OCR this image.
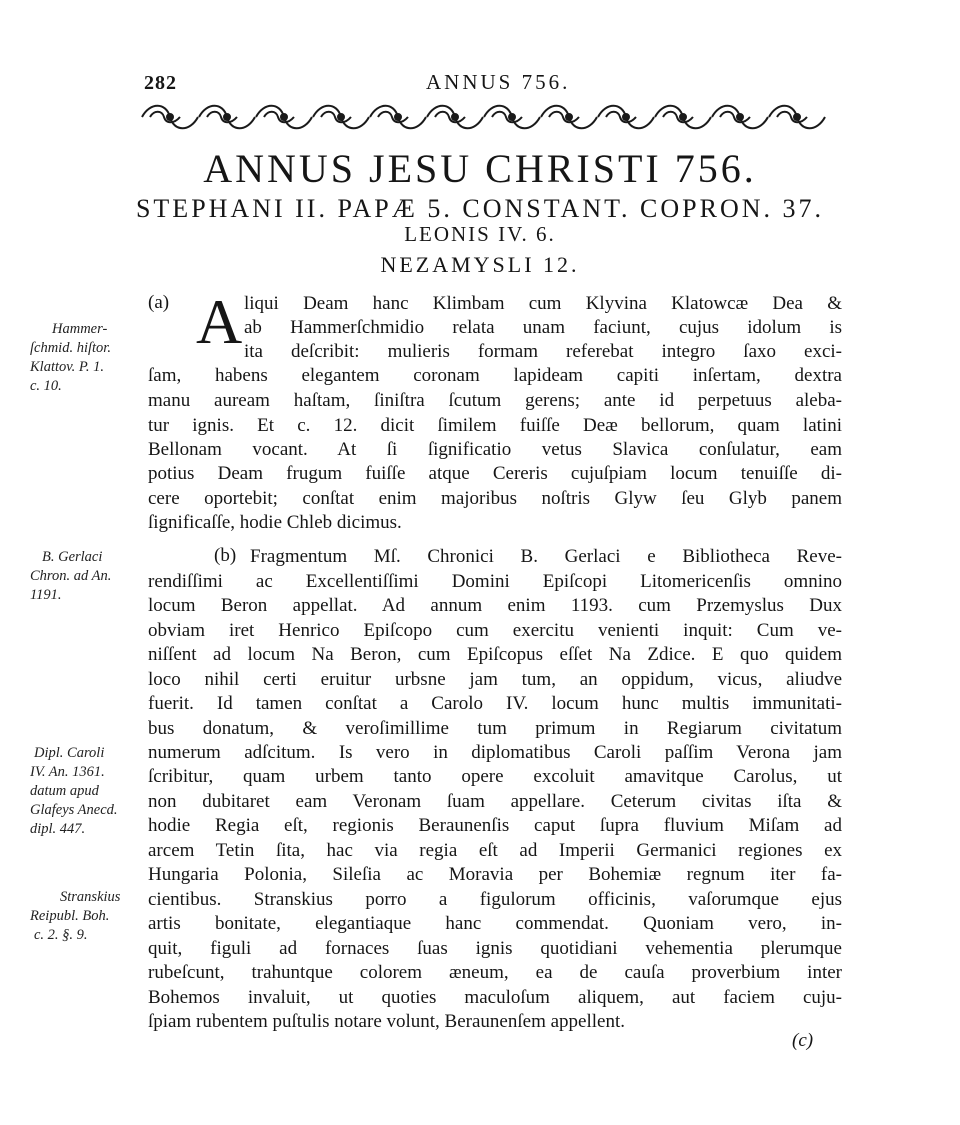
282	ANNUS 756.
ANNUS JESU CHRISTI 756.
STEPHANI II. PAPÆ 5. CONSTANT. COPRON. 37.
LEONIS IV. 6.
NEZAMYSLI 12.
(a) A liqui Deam hanc Klimbam cum Klyvina Klatowcæ Dea &
ab Hammerſchmidio relata unam faciunt, cujus idolum is
ita deſcribit: mulieris formam referebat integro ſaxo exci-
ſam, habens elegantem coronam lapideam capiti inſertam, dextra
manu auream haſtam, ſiniſtra ſcutum gerens; ante id perpetuus aleba-
tur ignis. Et c. 12. dicit ſimilem fuiſſe Deæ bellorum, quam latini
Bellonam vocant. At ſi ſignificatio vetus Slavica conſulatur, eam
potius Deam frugum fuiſſe atque Cereris cujuſpiam locum tenuiſſe di-
cere oportebit; conſtat enim majoribus noſtris Glyw ſeu Glyb panem
ſignificaſſe, hodie Chleb dicimus.
(b) Fragmentum Mſ. Chronici B. Gerlaci e Bibliotheca Reve-
rendiſſimi ac Excellentiſſimi Domini Epiſcopi Litomericenſis omnino
locum Beron appellat. Ad annum enim 1193. cum Przemyslus Dux
obviam iret Henrico Epiſcopo cum exercitu venienti inquit: Cum ve-
niſſent ad locum Na Beron, cum Epiſcopus eſſet Na Zdice. E quo quidem
loco nihil certi eruitur urbsne jam tum, an oppidum, vicus, aliudve
fuerit. Id tamen conſtat a Carolo IV. locum hunc multis immunitati-
bus donatum, & veroſimillime tum primum in Regiarum civitatum
numerum adſcitum. Is vero in diplomatibus Caroli paſſim Verona jam
ſcribitur, quam urbem tanto opere excoluit amavitque Carolus, ut
non dubitaret eam Veronam ſuam appellare. Ceterum civitas iſta &
hodie Regia eſt, regionis Beraunenſis caput ſupra fluvium Miſam ad
arcem Tetin ſita, hac via regia eſt ad Imperii Germanici regiones ex
Hungaria Polonia, Sileſia ac Moravia per Bohemiæ regnum iter fa-
cientibus. Stranskius porro a figulorum officinis, vaſorumque ejus
artis bonitate, elegantiaque hanc commendat. Quoniam vero, in-
quit, figuli ad fornaces ſuas ignis quotidiani vehementia plerumque
rubeſcunt, trahuntque colorem æneum, ea de cauſa proverbium inter
Bohemos invaluit, ut quoties maculoſum aliquem, aut faciem cuju-
ſpiam rubentem puſtulis notare volunt, Beraunenſem appellent.
Hammer-
ſchmid. hiſtor.
Klattov. P. 1.
c. 10.
B. Gerlaci
Chron. ad An.
1191.
Dipl. Caroli
IV. An. 1361.
datum apud
Glafeys Anecd.
dipl. 447.
Stranskius
Reipubl. Boh.
c. 2. §. 9.
(c)
